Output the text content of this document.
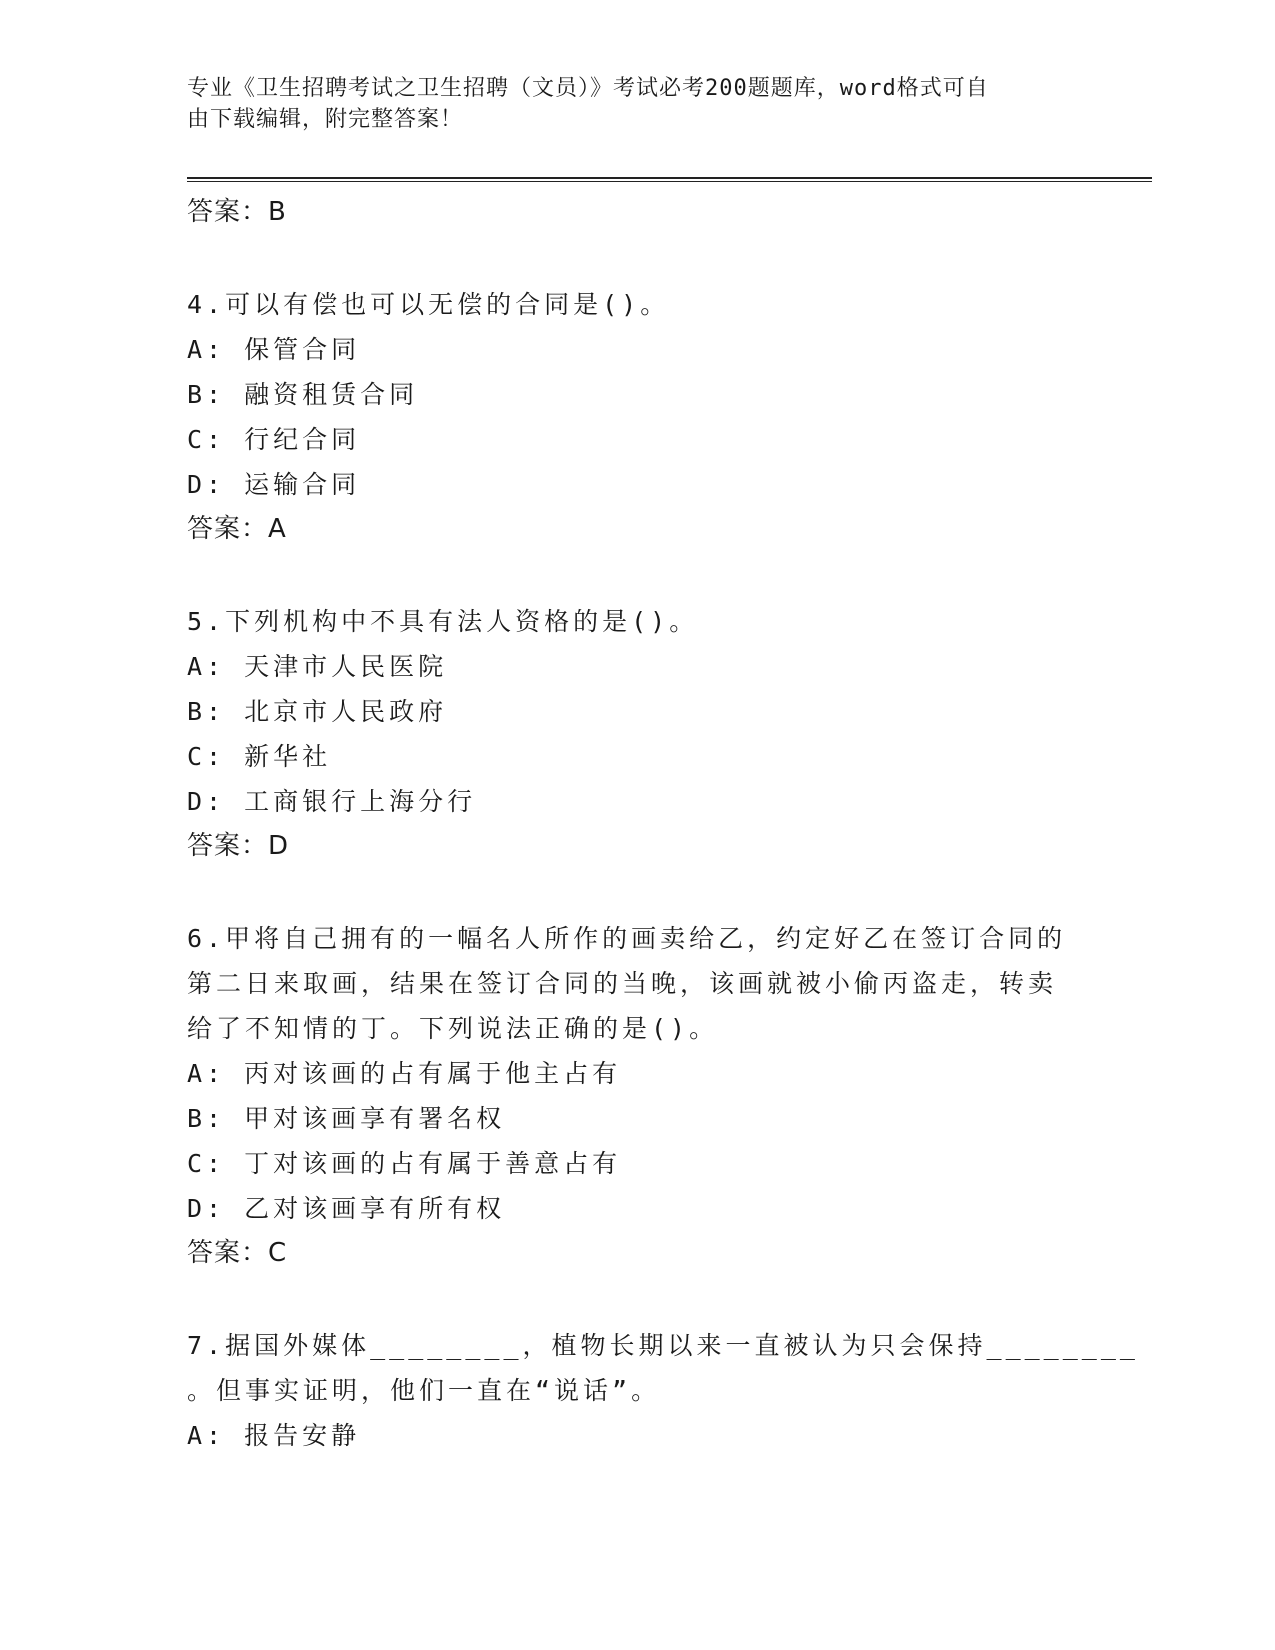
专业《卫生招聘考试之卫生招聘（文员）》考试必考200题题库，word格式可自
由下载编辑，附完整答案！
答案：B
4.可以有偿也可以无偿的合同是()。
A: 保管合同
B: 融资租赁合同
C: 行纪合同
D: 运输合同
答案：A
5.下列机构中不具有法人资格的是()。
A: 天津市人民医院
B: 北京市人民政府
C: 新华社
D: 工商银行上海分行
答案：D
6.甲将自己拥有的一幅名人所作的画卖给乙，约定好乙在签订合同的
第二日来取画，结果在签订合同的当晚，该画就被小偷丙盗走，转卖
给了不知情的丁。下列说法正确的是()。
A: 丙对该画的占有属于他主占有
B: 甲对该画享有署名权
C: 丁对该画的占有属于善意占有
D: 乙对该画享有所有权
答案：C
7.据国外媒体________，植物长期以来一直被认为只会保持________
。但事实证明，他们一直在“说话”。
A: 报告安静
